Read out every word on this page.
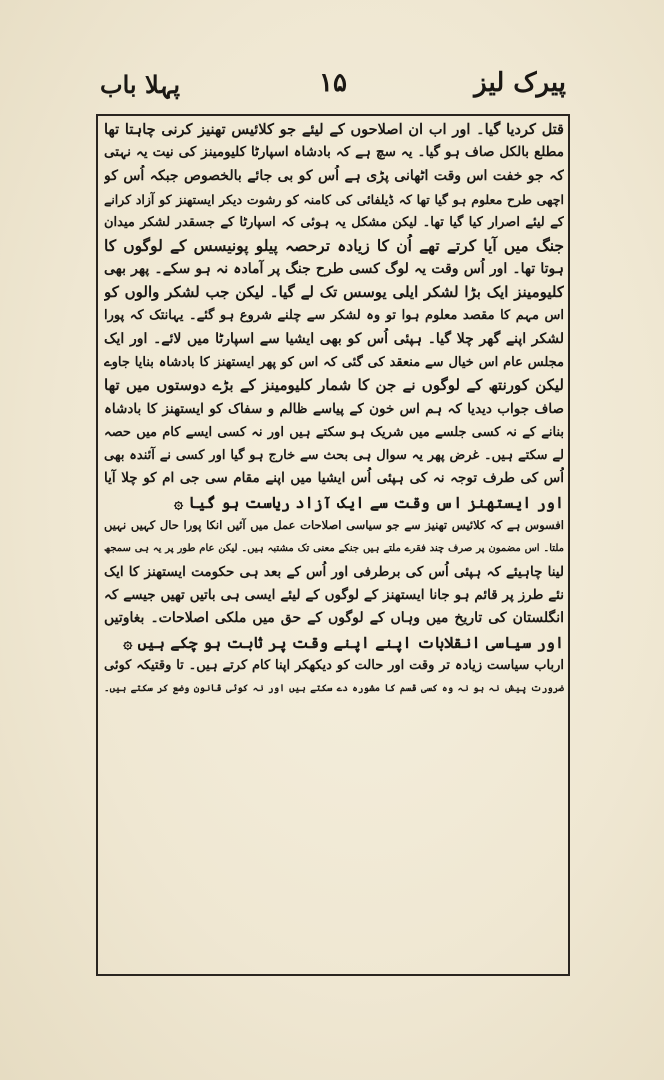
پیرک لیز
۱۵
پہلا باب
قتل کردیا گیا۔ اور اب ان اصلاحوں کے لیئے جو کلائیس تھنیز کرنی چاہتا تھا
مطلع بالکل صاف ہو گیا۔ یہ سچ ہے کہ بادشاہ اسپارٹا کلیومینز کی نیت یہ نہتی
کہ جو خفت اس وقت اٹھانی پڑی ہے اُس کو بی جائے بالخصوص جبکہ اُس کو
اچھی طرح معلوم ہو گیا تھا کہ ڈیلفائی کی کامنہ کو رشوت دیکر ایستھنز کو آزاد کرانے
کے لیئے اصرار کیا گیا تھا۔ لیکن مشکل یہ ہوئی کہ اسپارٹا کے جسقدر لشکر میدان
جنگ میں آیا کرتے تھے اُن کا زیادہ ترحصہ پیلو پونیسس کے لوگوں کا
ہوتا تھا۔ اور اُس وقت یہ لوگ کسی طرح جنگ پر آمادہ نہ ہو سکے۔ پھر بھی
کلیومینز ایک بڑا لشکر ایلی یوسس تک لے گیا۔ لیکن جب لشکر والوں کو
اس مہم کا مقصد معلوم ہوا تو وہ لشکر سے چلنے شروع ہو گئے۔ یہانتک کہ پورا
لشکر اپنے گھر چلا گیا۔ ہپئی اُس کو بھی ایشیا سے اسپارٹا میں لائے۔ اور ایک
مجلس عام اس خیال سے منعقد کی گئی کہ اس کو پھر ایستھنز کا بادشاہ بنایا جاوے
لیکن کورنتھ کے لوگوں نے جن کا شمار کلیومینز کے بڑے دوستوں میں تھا
صاف جواب دیدیا کہ ہم اس خون کے پیاسے ظالم و سفاک کو ایستھنز کا بادشاہ
بنانے کے نہ کسی جلسے میں شریک ہو سکتے ہیں اور نہ کسی ایسے کام میں حصہ
لے سکتے ہیں۔ غرض پھر یہ سوال ہی بحث سے خارج ہو گیا اور کسی نے آئندہ بھی
اُس کی طرف توجہ نہ کی ہپئی اُس ایشیا میں اپنے مقام سی جی ام کو چلا آیا
اور ایستھنز اس وقت سے ایک آزاد ریاست ہو گیا ۞
افسوس ہے کہ کلائیس تھنیز سے جو سیاسی اصلاحات عمل میں آئیں انکا پورا حال کہیں نہیں
ملتا۔ اس مضمون پر صرف چند فقرے ملتے ہیں جنکے معنی تک مشتبہ ہیں۔ لیکن عام طور پر یہ ہی سمجھ
لینا چاہیئے کہ ہپئی اُس کی برطرفی اور اُس کے بعد ہی حکومت ایستھنز کا ایک
نئے طرز پر قائم ہو جانا ایستھنز کے لوگوں کے لیئے ایسی ہی باتیں تھیں جیسے کہ
انگلستان کی تاریخ میں وہاں کے لوگوں کے حق میں ملکی اصلاحات۔ بغاوتیں
اور سیاسی انقلابات اپنے اپنے وقت پر ثابت ہو چکے ہیں ۞
ارباب سیاست زیادہ تر وقت اور حالت کو دیکھکر اپنا کام کرتے ہیں۔ تا وقتیکہ کوئی
ضرورت پیش نہ ہو نہ وہ کسی قسم کا مشورہ دے سکتے ہیں اور نہ کوئی قانون وضع کر سکتے ہیں۔
